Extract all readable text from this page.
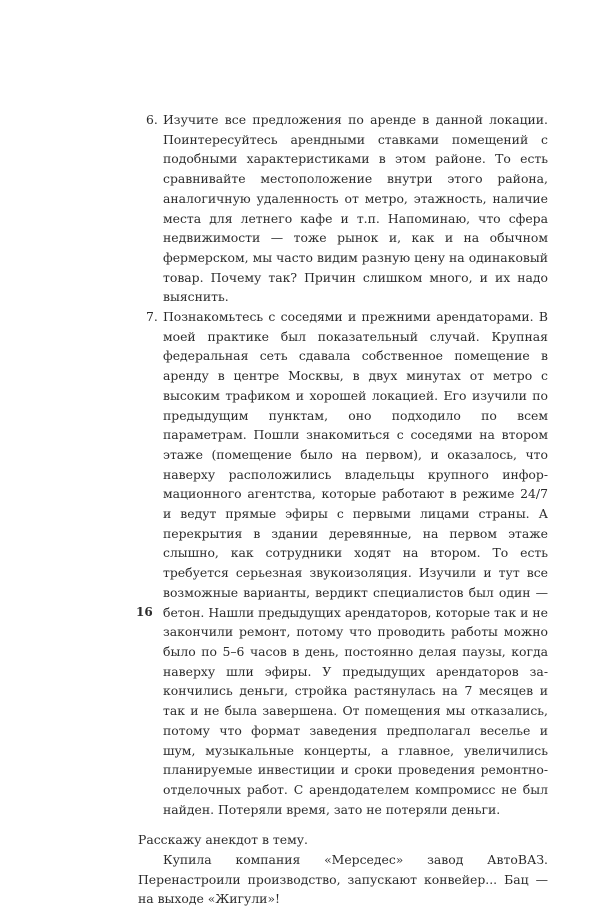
6. Изучите все предложения по аренде в данной локации. Поинтересуйтесь арендными ставками помещений с подобными характеристиками в этом районе. То есть сравнивайте местоположение внутри этого района, аналогичную удаленность от метро, этажность, наличие места для летнего кафе и т.п. Напоминаю, что сфера недвижимости — тоже рынок и, как и на обычном фермерском, мы часто видим разную цену на одинаковый товар. Почему так? Причин слишком много, и их надо выяснить.
7. Познакомьтесь с соседями и прежними арендаторами. В моей практике был показательный случай. Крупная федеральная сеть сдавала собственное помещение в аренду в центре Москвы, в двух минутах от метро с высоким трафиком и хорошей локацией. Его изучили по предыдущим пунктам, оно подходило по всем параметрам. Пошли знакомиться с соседями на втором этаже (помещение было на первом), и оказалось, что наверху расположились владельцы крупного информационного агентства, которые работают в режиме 24/7 и ведут прямые эфиры с первыми лицами страны. А перекрытия в здании деревянные, на первом этаже слышно, как сотрудники ходят на втором. То есть требуется серьезная звукоизоляция. Изучили и тут все возможные варианты, вердикт специалистов был один — бетон. Нашли предыдущих арендаторов, которые так и не закончили ремонт, потому что проводить работы можно было по 5–6 часов в день, постоянно делая паузы, когда наверху шли эфиры. У предыдущих арендаторов закончились деньги, стройка растянулась на 7 месяцев и так и не была завершена. От помещения мы отказались, потому что формат заведения предполагал веселье и шум, музыкальные концерты, а главное, увеличились планируемые инвестиции и сроки проведения ремонтно-отделочных работ. С арендодателем компромисс не был найден. Потеряли время, зато не потеряли деньги.

Расскажу анекдот в тему.

Купила компания «Мерседес» завод АвтоВАЗ. Перенастроили производство, запускают конвейер... Бац — на выходе «Жигули»!

16
